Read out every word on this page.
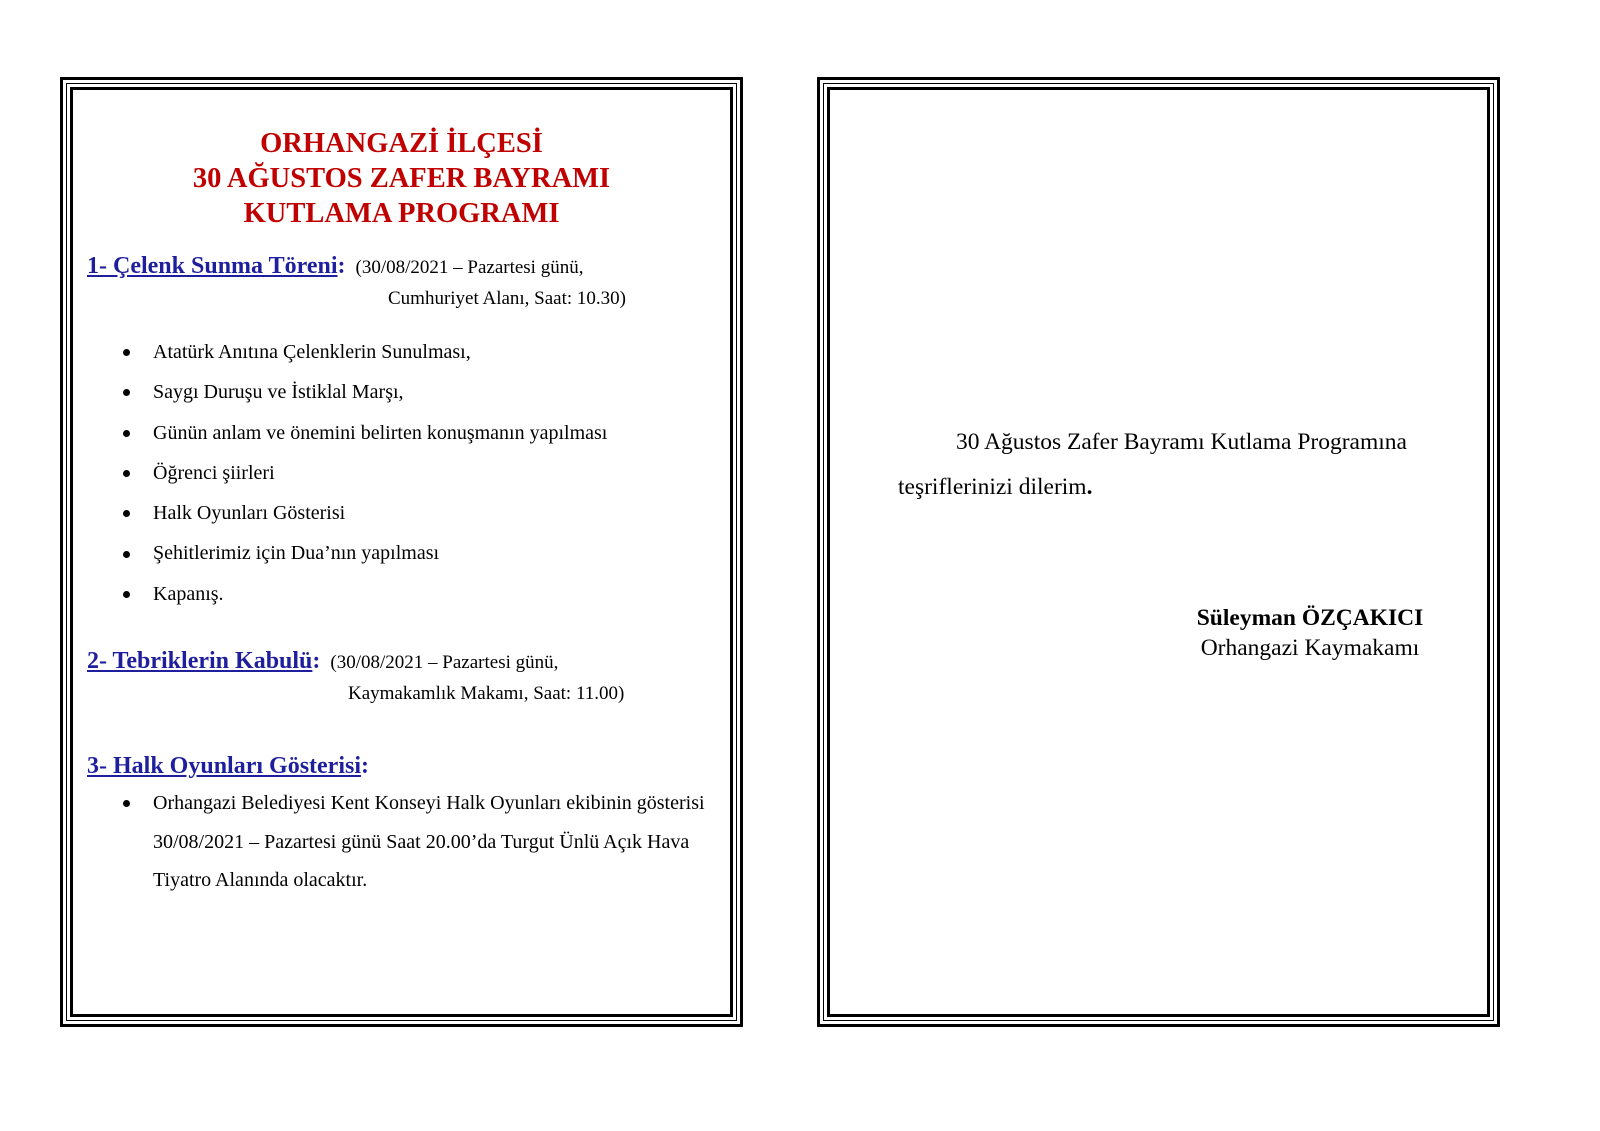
ORHANGAZİ İLÇESİ
30 AĞUSTOS ZAFER BAYRAMI
KUTLAMA PROGRAMI
1- Çelenk Sunma Töreni: (30/08/2021 – Pazartesi günü,
Cumhuriyet Alanı, Saat: 10.30)
Atatürk Anıtına Çelenklerin Sunulması,
Saygı Duruşu ve İstiklal Marşı,
Günün anlam ve önemini belirten konuşmanın yapılması
Öğrenci şiirleri
Halk Oyunları Gösterisi
Şehitlerimiz için Dua’nın yapılması
Kapanış.
2- Tebriklerin Kabulü: (30/08/2021 – Pazartesi günü,
Kaymakamlık Makamı, Saat: 11.00)
3- Halk Oyunları Gösterisi:
Orhangazi Belediyesi Kent Konseyi Halk Oyunları ekibinin gösterisi 30/08/2021 – Pazartesi günü Saat 20.00’da Turgut Ünlü Açık Hava Tiyatro Alanında olacaktır.
30 Ağustos Zafer Bayramı Kutlama Programına
teşriflerinizi dilerim.
Süleyman ÖZÇAKICI
Orhangazi Kaymakamı
